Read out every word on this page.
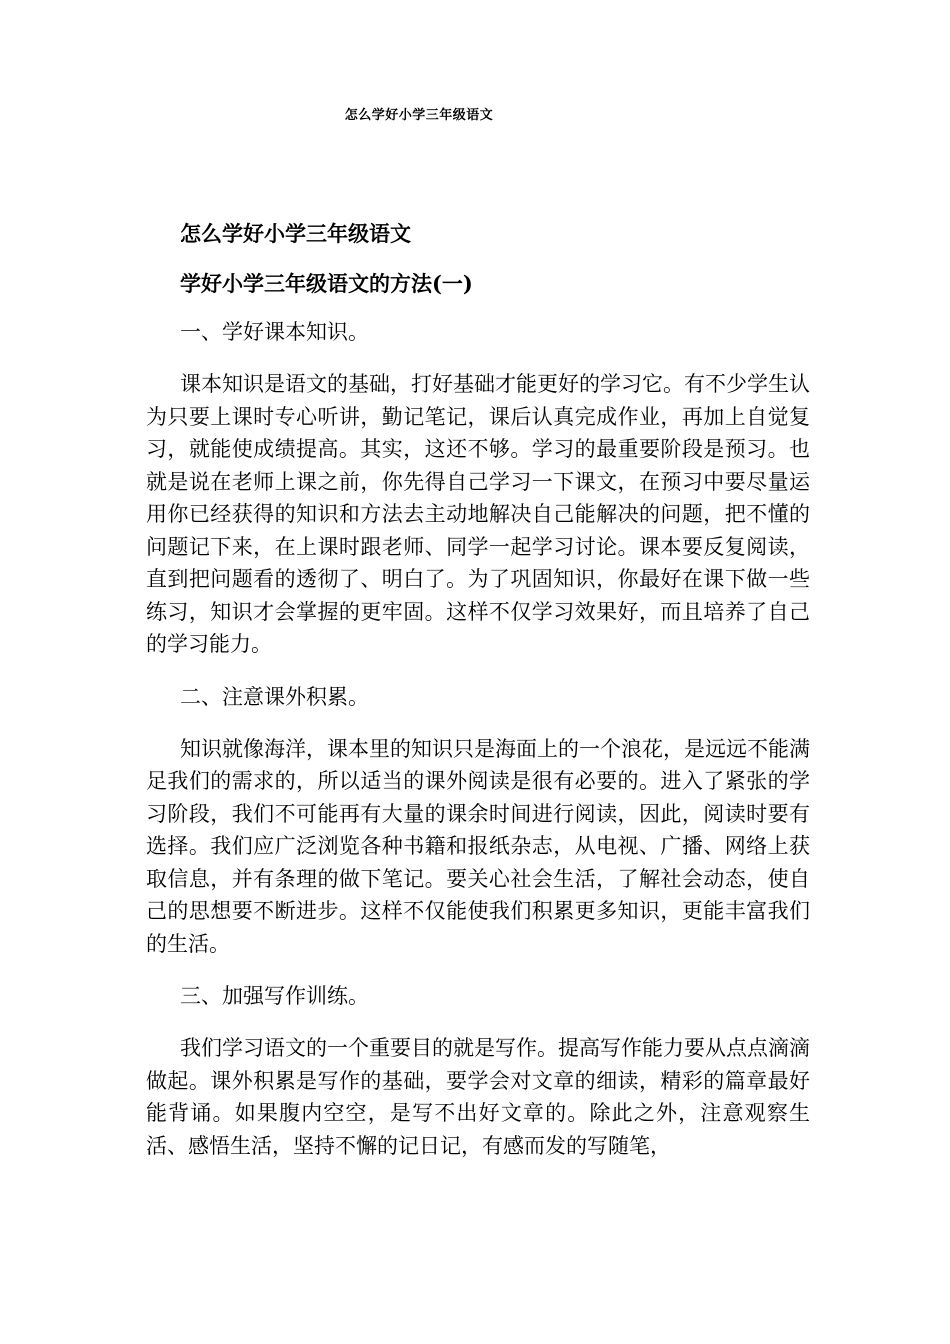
怎么学好小学三年级语文
怎么学好小学三年级语文
学好小学三年级语文的方法(一)
一、学好课本知识。

课本知识是语文的基础，打好基础才能更好的学习它。有不少学生认为只要上课时专心听讲，勤记笔记，课后认真完成作业，再加上自觉复习，就能使成绩提高。其实，这还不够。学习的最重要阶段是预习。也就是说在老师上课之前，你先得自己学习一下课文，在预习中要尽量运用你已经获得的知识和方法去主动地解决自己能解决的问题，把不懂的问题记下来，在上课时跟老师、同学一起学习讨论。课本要反复阅读，直到把问题看的透彻了、明白了。为了巩固知识，你最好在课下做一些练习，知识才会掌握的更牢固。这样不仅学习效果好，而且培养了自己的学习能力。

二、注意课外积累。

知识就像海洋，课本里的知识只是海面上的一个浪花，是远远不能满足我们的需求的，所以适当的课外阅读是很有必要的。进入了紧张的学习阶段，我们不可能再有大量的课余时间进行阅读，因此，阅读时要有选择。我们应广泛浏览各种书籍和报纸杂志，从电视、广播、网络上获取信息，并有条理的做下笔记。要关心社会生活，了解社会动态，使自己的思想要不断进步。这样不仅能使我们积累更多知识，更能丰富我们的生活。

三、加强写作训练。

我们学习语文的一个重要目的就是写作。提高写作能力要从点点滴滴做起。课外积累是写作的基础，要学会对文章的细读，精彩的篇章最好能背诵。如果腹内空空，是写不出好文章的。除此之外，注意观察生活、感悟生活，坚持不懈的记日记，有感而发的写随笔，
